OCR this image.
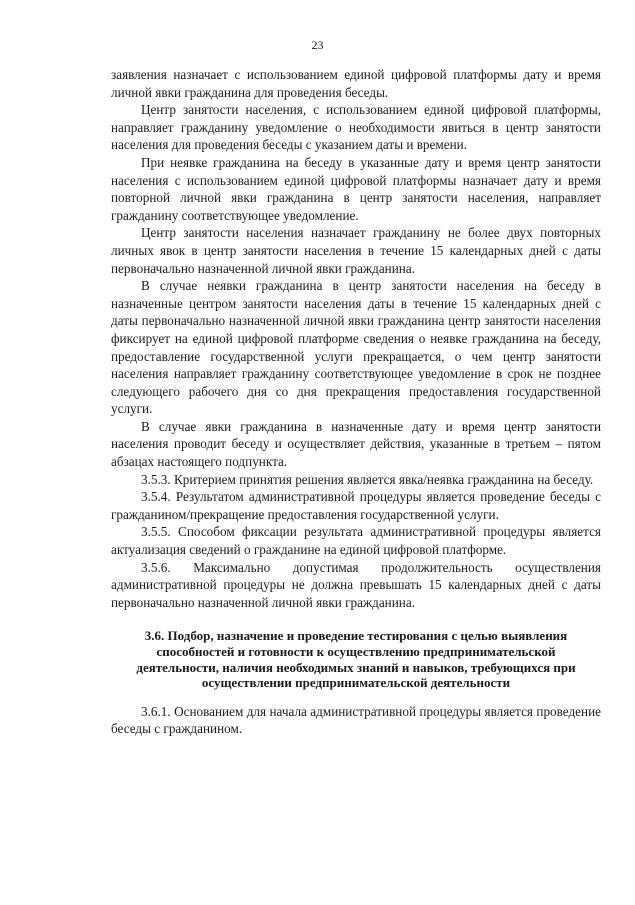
23

заявления назначает с использованием единой цифровой платформы дату и время личной явки гражданина для проведения беседы.

Центр занятости населения, с использованием единой цифровой платформы, направляет гражданину уведомление о необходимости явиться в центр занятости населения для проведения беседы с указанием даты и времени.

При неявке гражданина на беседу в указанные дату и время центр занятости населения с использованием единой цифровой платформы назначает дату и время повторной личной явки гражданина в центр занятости населения, направляет гражданину соответствующее уведомление.

Центр занятости населения назначает гражданину не более двух повторных личных явок в центр занятости населения в течение 15 календарных дней с даты первоначально назначенной личной явки гражданина.

В случае неявки гражданина в центр занятости населения на беседу в назначенные центром занятости населения даты в течение 15 календарных дней с даты первоначально назначенной личной явки гражданина центр занятости населения фиксирует на единой цифровой платформе сведения о неявке гражданина на беседу, предоставление государственной услуги прекращается, о чем центр занятости населения направляет гражданину соответствующее уведомление в срок не позднее следующего рабочего дня со дня прекращения предоставления государственной услуги.

В случае явки гражданина в назначенные дату и время центр занятости населения проводит беседу и осуществляет действия, указанные в третьем – пятом абзацах настоящего подпункта.

3.5.3. Критерием принятия решения является явка/неявка гражданина на беседу.

3.5.4. Результатом административной процедуры является проведение беседы с гражданином/прекращение предоставления государственной услуги.

3.5.5. Способом фиксации результата административной процедуры является актуализация сведений о гражданине на единой цифровой платформе.

3.5.6. Максимально допустимая продолжительность осуществления административной процедуры не должна превышать 15 календарных дней с даты первоначально назначенной личной явки гражданина.

3.6. Подбор, назначение и проведение тестирования с целью выявления способностей и готовности к осуществлению предпринимательской деятельности, наличия необходимых знаний и навыков, требующихся при осуществлении предпринимательской деятельности

3.6.1. Основанием для начала административной процедуры является проведение беседы с гражданином.
